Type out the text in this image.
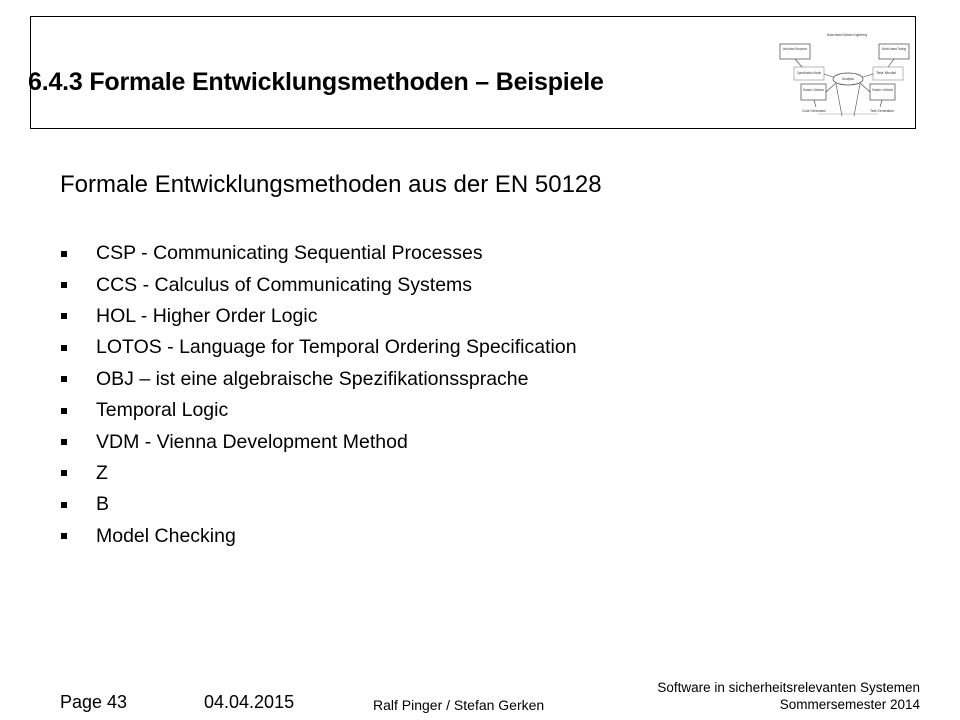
6.4.3 Formale Entwicklungsmethoden – Beispiele
Model-based Software Engineering
Model-based Development	Model-based Testing
Specification Model	Test Model
Analysis
Simulation / Verification	Simulation / Verification
Code Generation	Test Generation
Formale Entwicklungsmethoden aus der EN 50128
CSP - Communicating Sequential Processes
CCS - Calculus of Communicating Systems
HOL - Higher Order Logic
LOTOS - Language for Temporal Ordering Specification
OBJ – ist eine algebraische Spezifikationssprache
Temporal Logic
VDM - Vienna Development Method
Z
B
Model Checking
Page 43	04.04.2015	Ralf Pinger / Stefan Gerken
Software in sicherheitsrelevanten Systemen
Sommersemester 2014
